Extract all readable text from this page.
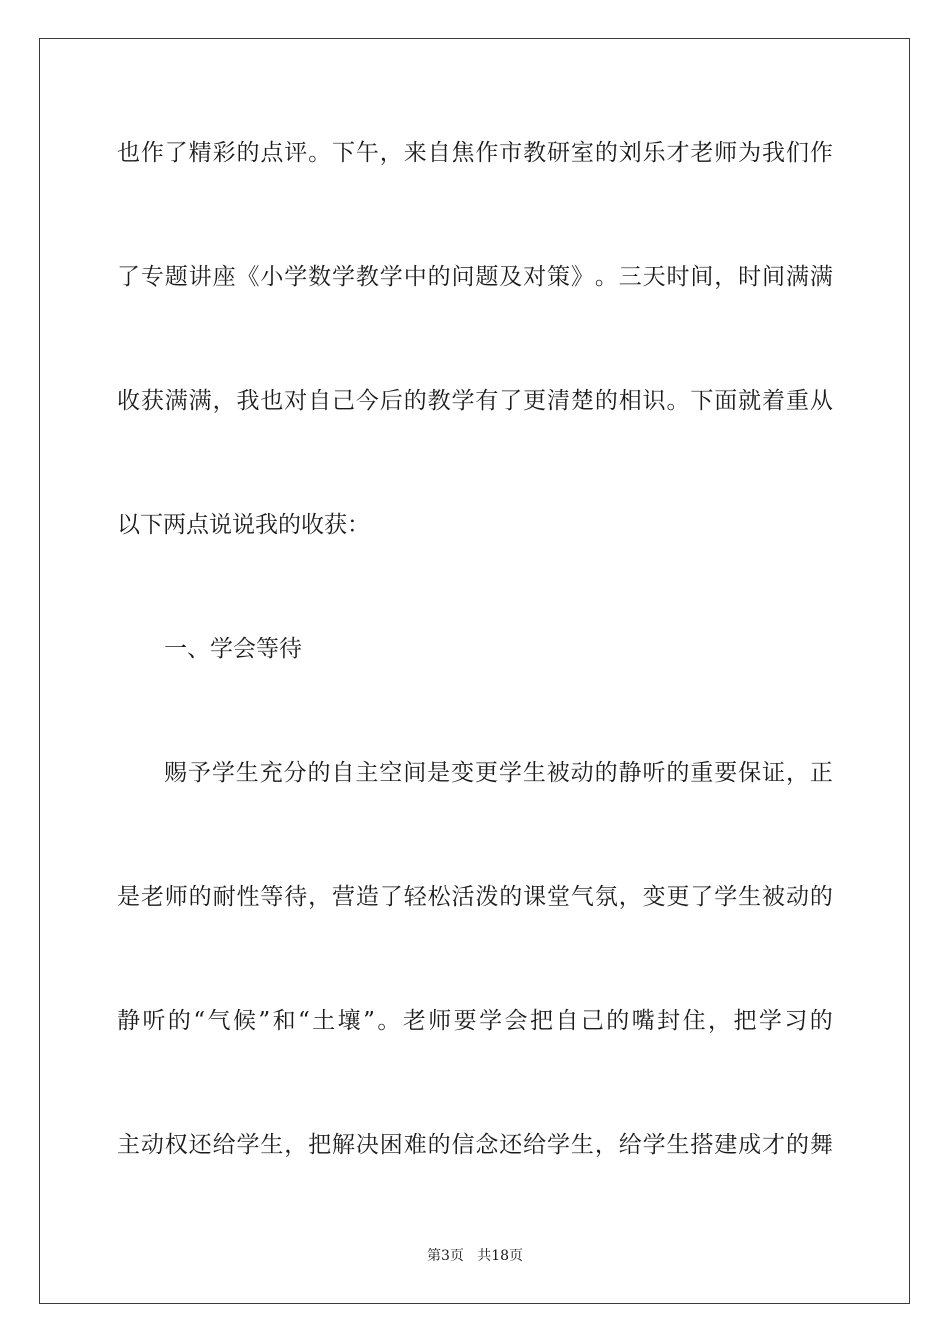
也 作 了 精 彩 的 点 评 。 下 午 ， 来 自 焦 作 市 教 研 室 的 刘 乐 才 老 师 为 我 们 作
了 专 题 讲 座 《 小 学 数 学 教 学 中 的 问 题 及 对 策 》 。 三 天 时 间 ， 时 间 满 满
收 获 满 满 ， 我 也 对 自 己 今 后 的 教 学 有 了 更 清 楚 的 相 识 。 下 面 就 着 重 从
以下两点说说我的收获：
一、学会等待
赐 予 学 生 充 分 的 自 主 空 间 是 变 更 学 生 被 动 的 静 听 的 重 要 保 证 ， 正
是 老 师 的 耐 性 等 待 ， 营 造 了 轻 松 活 泼 的 课 堂 气 氛 ， 变 更 了 学 生 被 动 的
静 听 的 “ 气 候 ” 和 “ 土 壤 ” 。 老 师 要 学 会 把 自 己 的 嘴 封 住 ， 把 学 习 的
主 动 权 还 给 学 生 ， 把 解 决 困 难 的 信 念 还 给 学 生 ， 给 学 生 搭 建 成 才 的 舞
第3页   共18页
